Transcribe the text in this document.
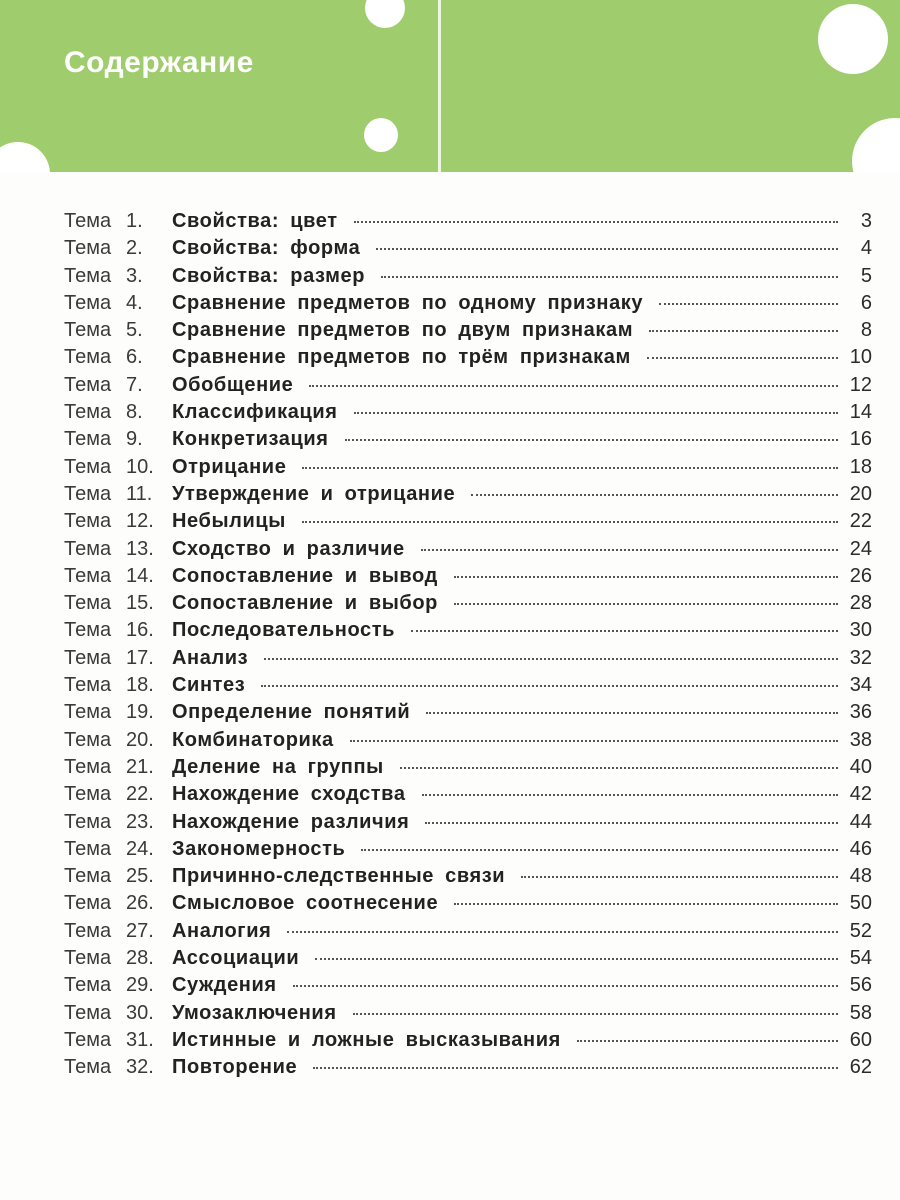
Содержание
Тема 1.	Свойства: цвет	3
Тема 2.	Свойства: форма	4
Тема 3.	Свойства: размер	5
Тема 4.	Сравнение предметов по одному признаку	6
Тема 5.	Сравнение предметов по двум признакам	8
Тема 6.	Сравнение предметов по трём признакам	10
Тема 7.	Обобщение	12
Тема 8.	Классификация	14
Тема 9.	Конкретизация	16
Тема 10. Отрицание	18
Тема 11. Утверждение и отрицание	20
Тема 12. Небылицы	22
Тема 13. Сходство и различие	24
Тема 14. Сопоставление и вывод	26
Тема 15. Сопоставление и выбор	28
Тема 16. Последовательность	30
Тема 17. Анализ	32
Тема 18. Синтез	34
Тема 19. Определение понятий	36
Тема 20. Комбинаторика	38
Тема 21. Деление на группы	40
Тема 22. Нахождение сходства	42
Тема 23. Нахождение различия	44
Тема 24. Закономерность	46
Тема 25. Причинно-следственные связи	48
Тема 26. Смысловое соотнесение	50
Тема 27. Аналогия	52
Тема 28. Ассоциации	54
Тема 29. Суждения	56
Тема 30. Умозаключения	58
Тема 31. Истинные и ложные высказывания	60
Тема 32. Повторение	62
